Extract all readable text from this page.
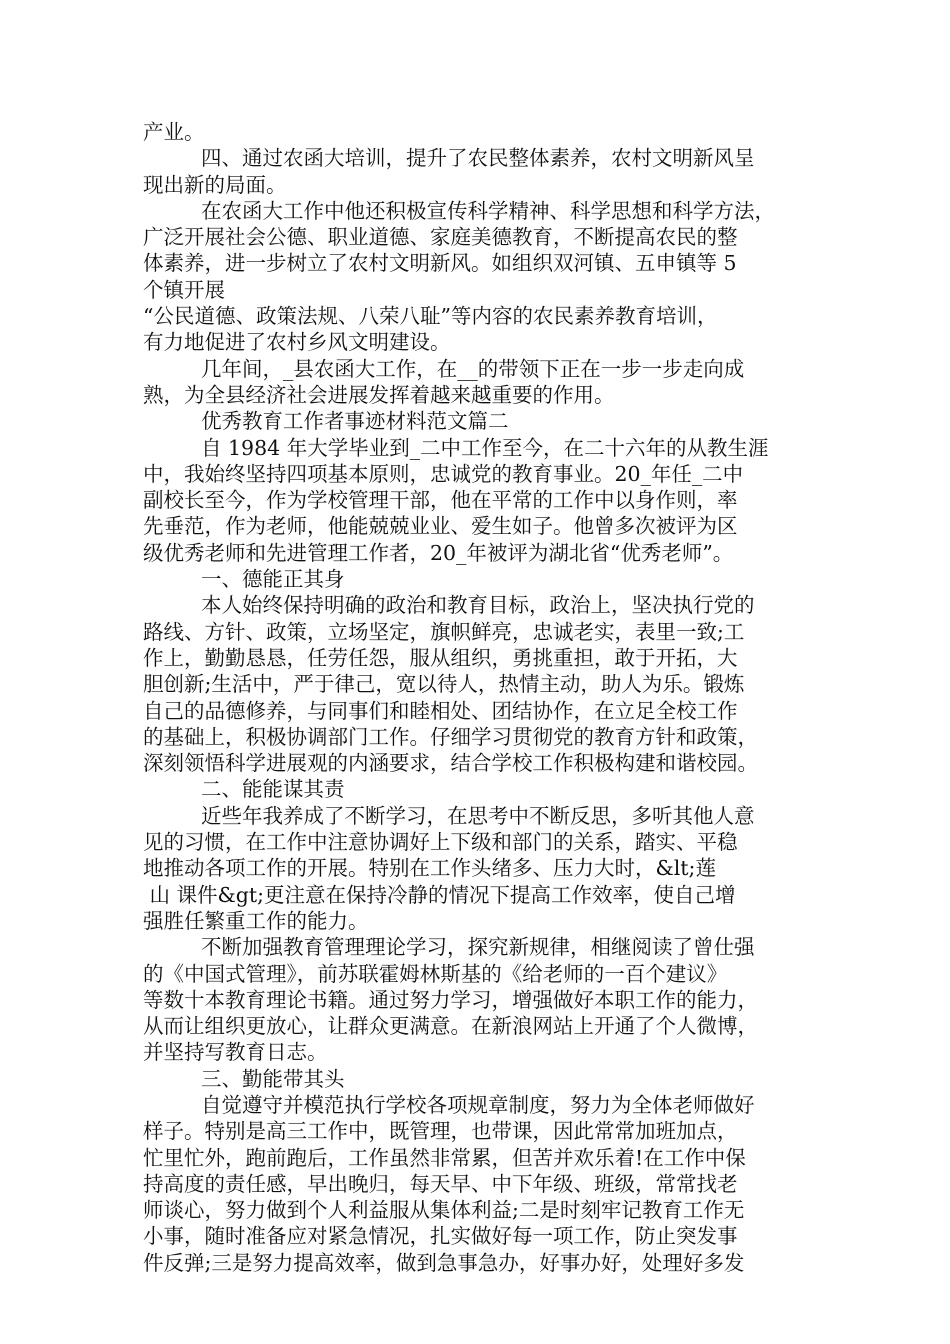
产业。
四、通过农函大培训，提升了农民整体素养，农村文明新风呈
现出新的局面。
在农函大工作中他还积极宣传科学精神、科学思想和科学方法，
广泛开展社会公德、职业道德、家庭美德教育，不断提高农民的整
体素养，进一步树立了农村文明新风。如组织双河镇、五申镇等 5
个镇开展
“公民道德、政策法规、八荣八耻”等内容的农民素养教育培训，
有力地促进了农村乡风文明建设。
几年间，_县农函大工作，在__的带领下正在一步一步走向成
熟，为全县经济社会进展发挥着越来越重要的作用。
优秀教育工作者事迹材料范文篇二
自 1984 年大学毕业到_二中工作至今，在二十六年的从教生涯
中，我始终坚持四项基本原则，忠诚党的教育事业。20_年任_二中
副校长至今，作为学校管理干部，他在平常的工作中以身作则，率
先垂范，作为老师，他能兢兢业业、爱生如子。他曾多次被评为区
级优秀老师和先进管理工作者，20_年被评为湖北省“优秀老师”。
一、德能正其身
本人始终保持明确的政治和教育目标，政治上，坚决执行党的
路线、方针、政策，立场坚定，旗帜鲜亮，忠诚老实，表里一致;工
作上，勤勤恳恳，任劳任怨，服从组织，勇挑重担，敢于开拓，大
胆创新;生活中，严于律己，宽以待人，热情主动，助人为乐。锻炼
自己的品德修养，与同事们和睦相处、团结协作，在立足全校工作
的基础上，积极协调部门工作。仔细学习贯彻党的教育方针和政策，
深刻领悟科学进展观的内涵要求，结合学校工作积极构建和谐校园。
二、能能谋其责
近些年我养成了不断学习，在思考中不断反思，多听其他人意
见的习惯，在工作中注意协调好上下级和部门的关系，踏实、平稳
地推动各项工作的开展。特别在工作头绪多、压力大时，&lt;莲
山 课件&gt;更注意在保持冷静的情况下提高工作效率，使自己增
强胜任繁重工作的能力。
不断加强教育管理理论学习，探究新规律，相继阅读了曾仕强
的《中国式管理》，前苏联霍姆林斯基的《给老师的一百个建议》
等数十本教育理论书籍。通过努力学习，增强做好本职工作的能力，
从而让组织更放心，让群众更满意。在新浪网站上开通了个人微博，
并坚持写教育日志。
三、勤能带其头
自觉遵守并模范执行学校各项规章制度，努力为全体老师做好
样子。特别是高三工作中，既管理，也带课，因此常常加班加点，
忙里忙外，跑前跑后，工作虽然非常累，但苦并欢乐着!在工作中保
持高度的责任感，早出晚归，每天早、中下年级、班级，常常找老
师谈心，努力做到个人利益服从集体利益;二是时刻牢记教育工作无
小事，随时准备应对紧急情况，扎实做好每一项工作，防止突发事
件反弹;三是努力提高效率，做到急事急办，好事办好，处理好多发
